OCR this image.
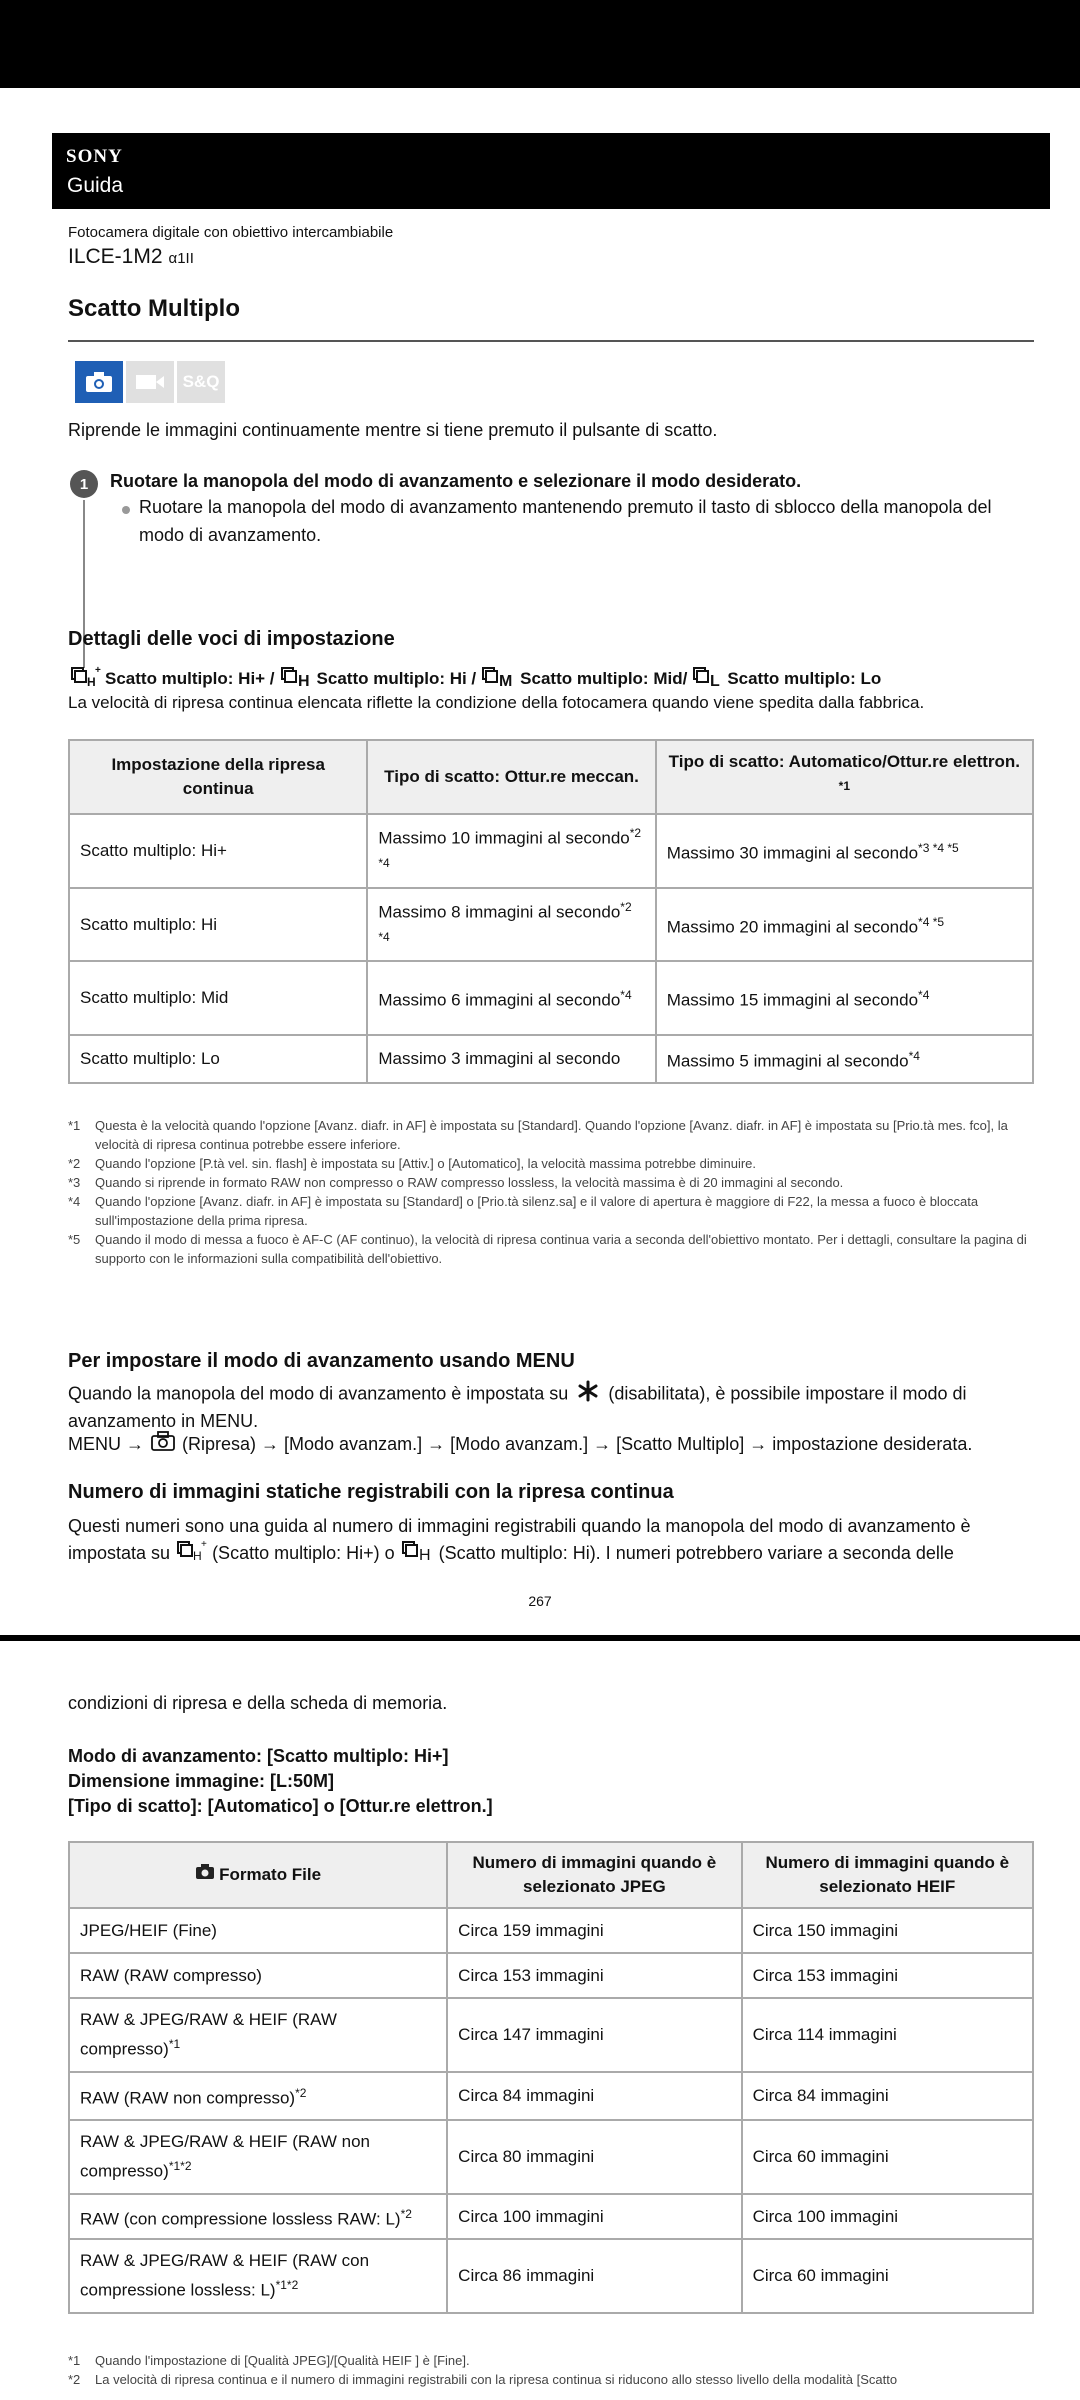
SONY
Guida
Fotocamera digitale con obiettivo intercambiabile
ILCE-1M2 α1II
Scatto Multiplo
S&Q
Riprende le immagini continuamente mentre si tiene premuto il pulsante di scatto.
1	Ruotare la manopola del modo di avanzamento e selezionare il modo desiderato.
Ruotare la manopola del modo di avanzamento mantenendo premuto il tasto di sblocco della manopola del modo di avanzamento.
Dettagli delle voci di impostazione
H
+ Scatto multiplo: Hi+ / H Scatto multiplo: Hi / M Scatto multiplo: Mid/ L Scatto multiplo: Lo
La velocità di ripresa continua elencata riflette la condizione della fotocamera quando viene spedita dalla fabbrica.
Impostazione della ripresa continua	Tipo di scatto: Ottur.re meccan.	Tipo di scatto: Automatico/Ottur.re elettron. $^{*1}$
Scatto multiplo: Hi+	Massimo 10 immagini al secondo$^{*2 *4}$	Massimo 30 immagini al secondo$^{*3 *4 *5}$
Scatto multiplo: Hi	Massimo 8 immagini al secondo$^{*2 *4}$	Massimo 20 immagini al secondo$^{*4 *5}$
Scatto multiplo: Mid	Massimo 6 immagini al secondo$^{*4}$	Massimo 15 immagini al secondo$^{*4}$
Scatto multiplo: Lo	Massimo 3 immagini al secondo	Massimo 5 immagini al secondo$^{*4}$
*1	Questa è la velocità quando l'opzione [Avanz. diafr. in AF] è impostata su [Standard]. Quando l'opzione [Avanz. diafr. in AF] è impostata su [Prio.tà mes. fco], la velocità di ripresa continua potrebbe essere inferiore.
*2	Quando l'opzione [P.tà vel. sin. flash] è impostata su [Attiv.] o [Automatico], la velocità massima potrebbe diminuire.
*3	Quando si riprende in formato RAW non compresso o RAW compresso lossless, la velocità massima è di 20 immagini al secondo.
*4	Quando l'opzione [Avanz. diafr. in AF] è impostata su [Standard] o [Prio.tà silenz.sa] e il valore di apertura è maggiore di F22, la messa a fuoco è bloccata sull'impostazione della prima ripresa.
*5	Quando il modo di messa a fuoco è AF-C (AF continuo), la velocità di ripresa continua varia a seconda dell'obiettivo montato. Per i dettagli, consultare la pagina di supporto con le informazioni sulla compatibilità dell'obiettivo.
Per impostare il modo di avanzamento usando MENU
Quando la manopola del modo di avanzamento è impostata su (disabilitata), è possibile impostare il modo di avanzamento in MENU.
MENU → (Ripresa) → [Modo avanzam.] → [Modo avanzam.] → [Scatto Multiplo] → impostazione desiderata.
Numero di immagini statiche registrabili con la ripresa continua
Questi numeri sono una guida al numero di immagini registrabili quando la manopola del modo di avanzamento è
impostata su H
+ (Scatto multiplo: Hi+) o H (Scatto multiplo: Hi). I numeri potrebbero variare a seconda delle
267
condizioni di ripresa e della scheda di memoria.
Modo di avanzamento: [Scatto multiplo: Hi+]
Dimensione immagine: [L:50M]
[Tipo di scatto]: [Automatico] o [Ottur.re elettron.]
Formato File	Numero di immagini quando è selezionato JPEG	Numero di immagini quando è selezionato HEIF
JPEG/HEIF (Fine)	Circa 159 immagini	Circa 150 immagini
RAW (RAW compresso)	Circa 153 immagini	Circa 153 immagini
RAW & JPEG/RAW & HEIF (RAW compresso)$^{*1}$	Circa 147 immagini	Circa 114 immagini
RAW (RAW non compresso)$^{*2}$	Circa 84 immagini	Circa 84 immagini
RAW & JPEG/RAW & HEIF (RAW non compresso)$^{*1*2}$	Circa 80 immagini	Circa 60 immagini
RAW (con compressione lossless RAW: L)$^{*2}$	Circa 100 immagini	Circa 100 immagini
RAW & JPEG/RAW & HEIF (RAW con compressione lossless: L)$^{*1*2}$	Circa 86 immagini	Circa 60 immagini
*1	Quando l'impostazione di [Qualità JPEG]/[Qualità HEIF ] è [Fine].
*2	La velocità di ripresa continua e il numero di immagini registrabili con la ripresa continua si riducono allo stesso livello della modalità [Scatto
